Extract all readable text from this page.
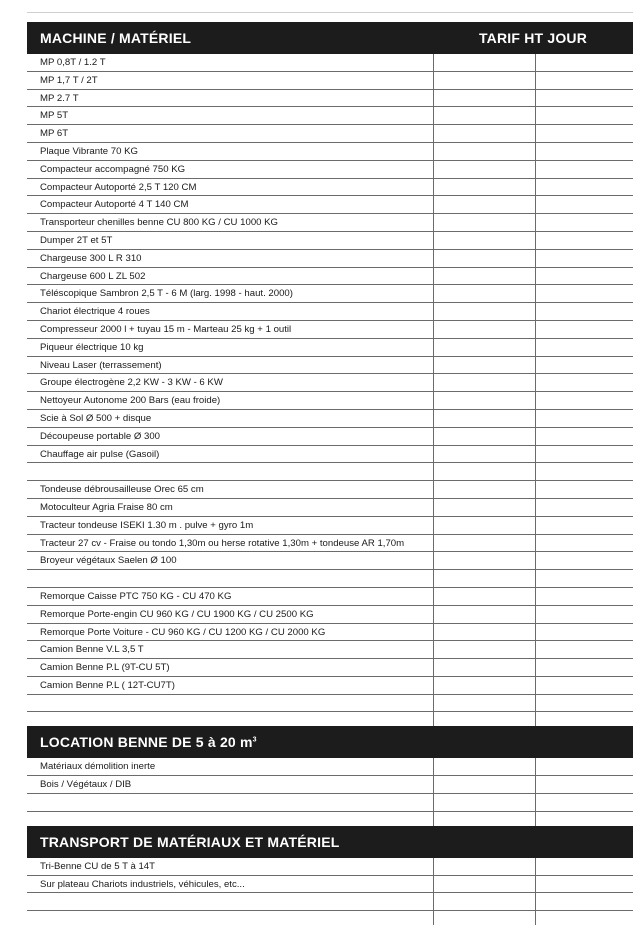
MACHINE / MATÉRIEL	TARIF HT JOUR
MP 0,8T / 1.2 T
MP 1,7 T / 2T
MP 2.7 T
MP 5T
MP 6T
Plaque Vibrante 70 KG
Compacteur accompagné 750 KG
Compacteur Autoporté 2,5 T 120 CM
Compacteur Autoporté 4 T 140 CM
Transporteur chenilles benne CU 800 KG / CU 1000 KG
Dumper 2T et 5T
Chargeuse 300 L R 310
Chargeuse 600 L ZL 502
Téléscopique Sambron 2,5 T - 6 M (larg. 1998 - haut. 2000)
Chariot électrique 4 roues
Compresseur 2000 l + tuyau 15 m - Marteau 25 kg + 1 outil
Piqueur électrique 10 kg
Niveau Laser (terrassement)
Groupe électrogène 2,2 KW - 3 KW - 6 KW
Nettoyeur Autonome 200 Bars (eau froide)
Scie à Sol Ø 500 + disque
Découpeuse portable Ø 300
Chauffage air pulse (Gasoil)
Tondeuse débrousailleuse Orec 65 cm
Motoculteur Agria Fraise 80 cm
Tracteur tondeuse ISEKI 1.30 m . pulve + gyro 1m
Tracteur 27 cv - Fraise ou tondo 1,30m ou herse rotative 1,30m + tondeuse AR 1,70m
Broyeur végétaux Saelen Ø 100
Remorque Caisse PTC 750 KG - CU 470 KG
Remorque Porte-engin CU 960 KG / CU 1900 KG / CU 2500 KG
Remorque Porte Voiture - CU 960 KG / CU 1200 KG / CU 2000 KG
Camion Benne V.L 3,5 T
Camion Benne P.L (9T-CU 5T)
Camion Benne P.L ( 12T-CU7T)
LOCATION BENNE DE 5 à 20 $m^3$
Matériaux démolition inerte
Bois / Végétaux / DIB
TRANSPORT DE MATÉRIAUX ET MATÉRIEL
Tri-Benne CU de 5 T à 14T
Sur plateau Chariots industriels, véhicules, etc...
